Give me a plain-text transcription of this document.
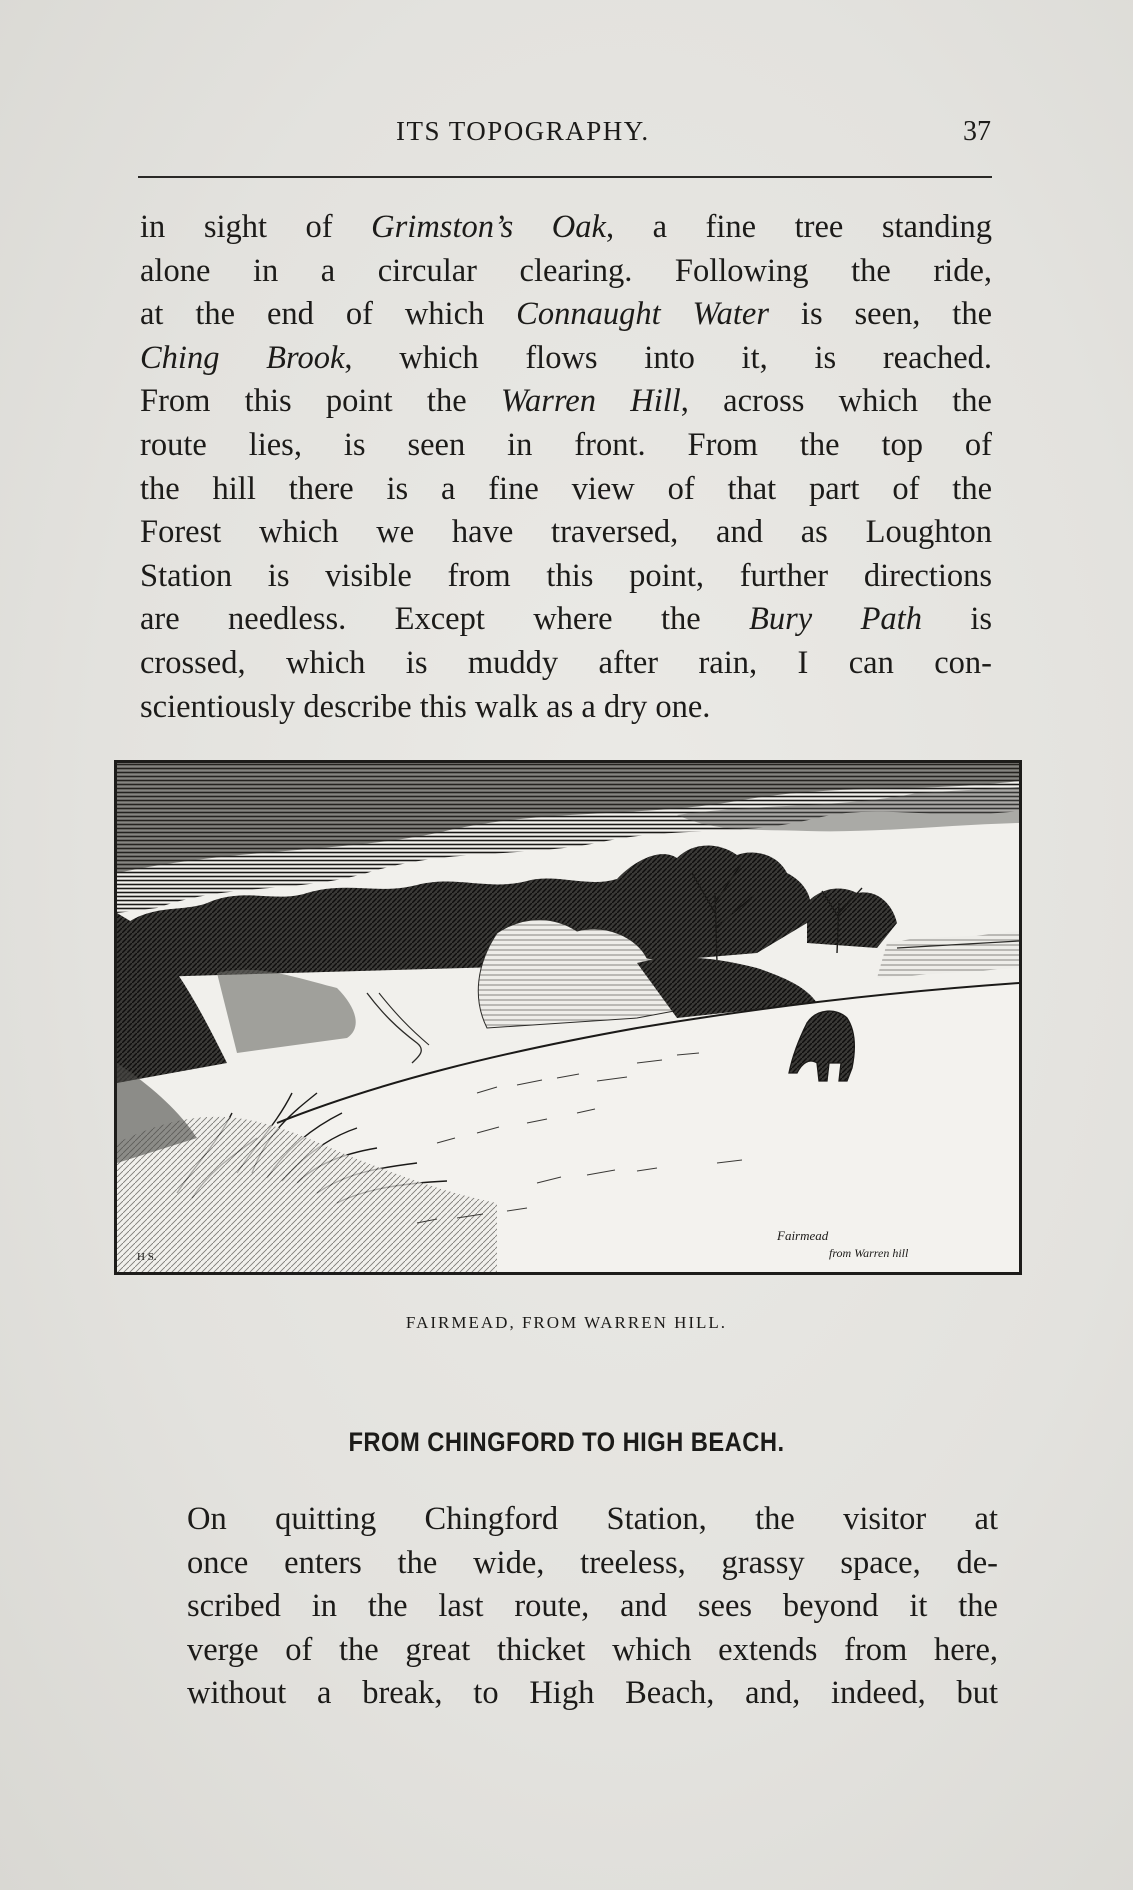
ITS TOPOGRAPHY.	37

in sight of Grimston’s Oak, a fine tree standing
alone in a circular clearing. Following the ride,
at the end of which Connaught Water is seen, the
Ching Brook, which flows into it, is reached.
From this point the Warren Hill, across which the
route lies, is seen in front. From the top of
the hill there is a fine view of that part of the
Forest which we have traversed, and as Loughton
Station is visible from this point, further directions
are needless. Except where the Bury Path is
crossed, which is muddy after rain, I can con-
scientiously describe this walk as a dry one.

H S.
Fairmead
from Warren hill
FAIRMEAD, FROM WARREN HILL.
FROM CHINGFORD TO HIGH BEACH.

On quitting Chingford Station, the visitor at
once enters the wide, treeless, grassy space, de-
scribed in the last route, and sees beyond it the
verge of the great thicket which extends from here,
without a break, to High Beach, and, indeed, but
